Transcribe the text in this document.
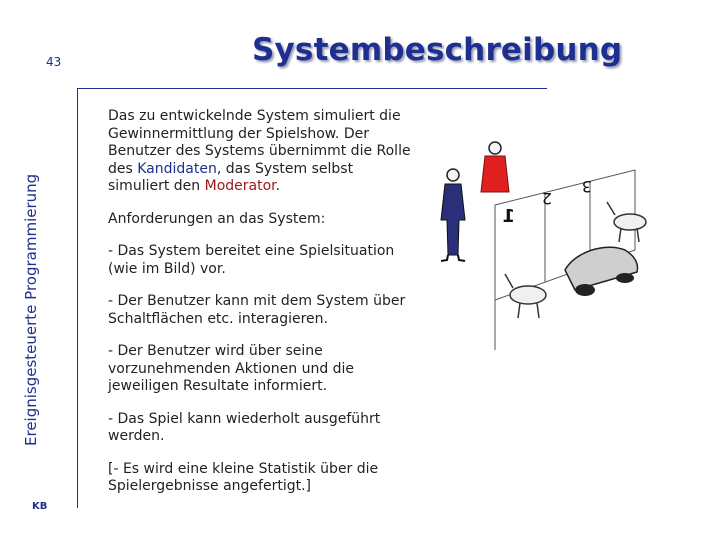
43
Ereignisgesteuerte Programmierung
KB
Systembeschreibung

Das zu entwickelnde System simuliert die Gewinnermittlung der Spielshow. Der Benutzer des Systems übernimmt die Rolle des Kandidaten, das System selbst simuliert den Moderator.

Anforderungen an das System:

- Das System bereitet eine Spielsituation (wie im Bild) vor.

- Der Benutzer kann mit dem System über Schaltflächen etc. interagieren.

- Der Benutzer wird über seine vorzunehmenden Aktionen und die jeweiligen Resultate informiert.

- Das Spiel kann wiederholt ausgeführt werden.

[- Es wird eine kleine Statistik über die Spielergebnisse angefertigt.]

1
2
3
